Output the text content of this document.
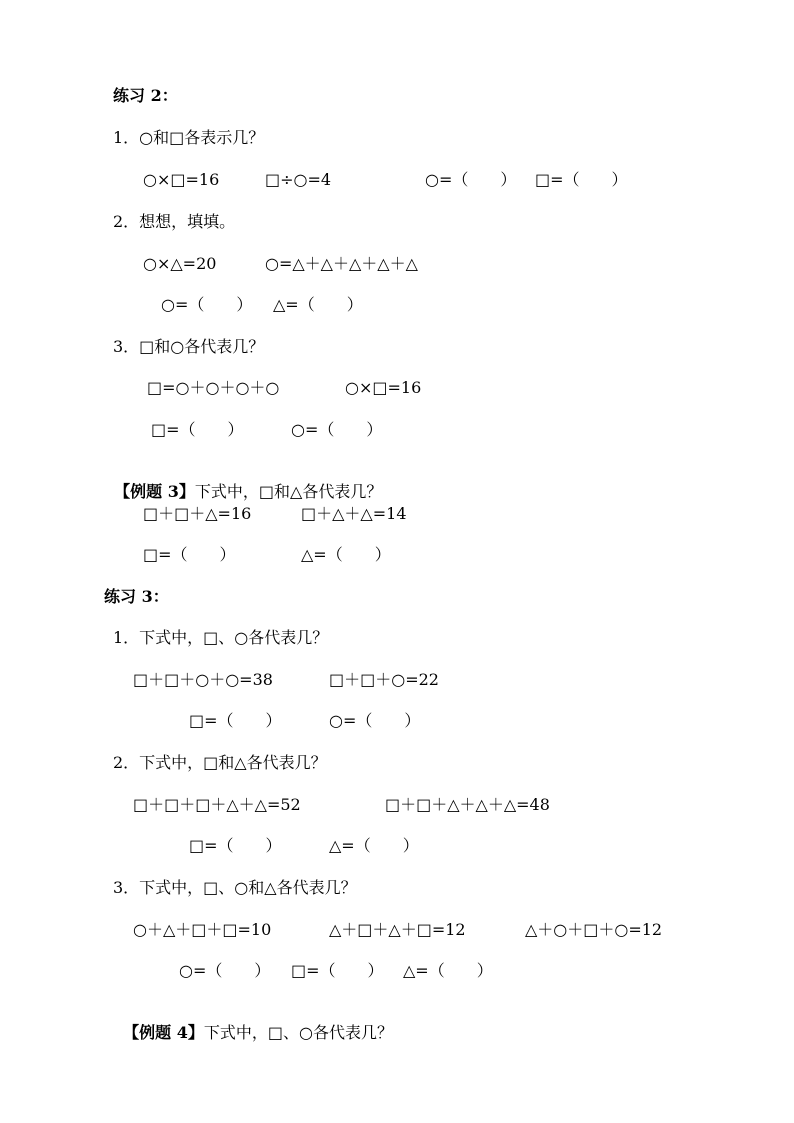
练习 2：
1．○和□各表示几？
○×□=16	□÷○=4	○=（　　） □=（　　）
2．想想，填填。
○×△=20	○=△＋△＋△＋△＋△
○=（　　） △=（　　）
3．□和○各代表几？
□=○＋○＋○＋○	○×□=16
□=（　　）	○=（　　）

【例题 3】下式中，□和△各代表几？

□＋□＋△=16	□＋△＋△=14
□=（　　）	△=（　　）
练习 3：
1．下式中，□、○各代表几？
□＋□＋○＋○=38	□＋□＋○=22
□=（　　）	○=（　　）
2．下式中，□和△各代表几？
□＋□＋□＋△＋△=52	□＋□＋△＋△＋△=48
□=（　　）	△=（　　）
3．下式中，□、○和△各代表几？
○＋△＋□＋□=10	△＋□＋△＋□=12	△＋○＋□＋○=12
○=（　　） □=（　　） △=（　　）

【例题 4】下式中，□、○各代表几？
